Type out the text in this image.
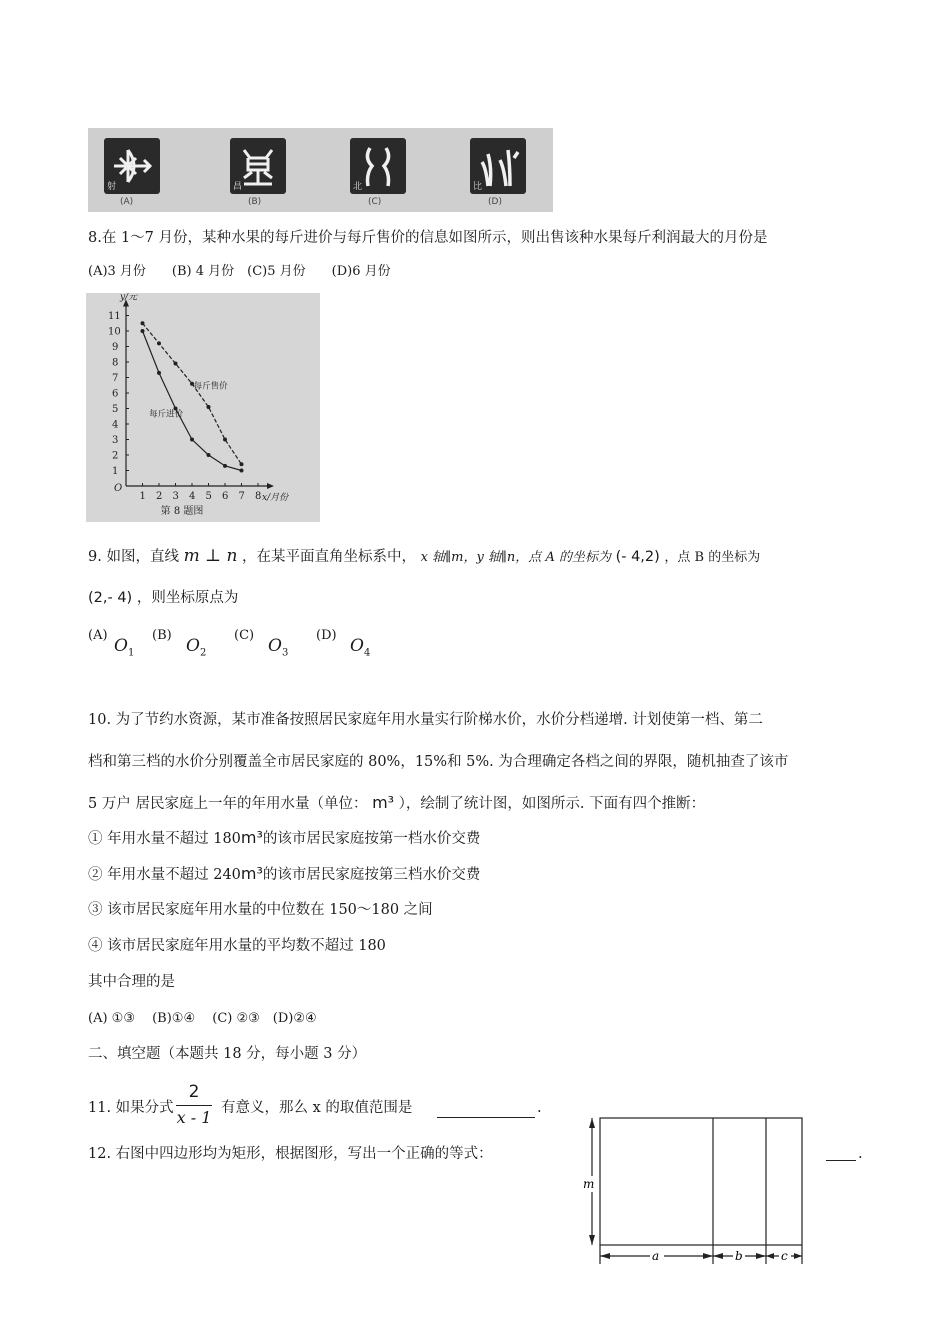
射	昌	北	比
(A)	(B)	(C)	(D)
8.在 1～7 月份，某种水果的每斤进价与每斤售价的信息如图所示，则出售该种水果每斤利润最大的月份是
(A)3 月份　　(B) 4 月份　(C)5 月份　　(D)6 月份
1 2 3 4 5 6 7 8
1
2
3
4
5
6
7
8
9
10
11
O
x/月份
y/元
每斤售价
每斤进价
第 8 题图
9. 如图，直线 m ⊥ n ，在某平面直角坐标系中， x 轴∥m，y 轴∥n，点 A 的坐标为 (- 4,2) ，点 B 的坐标为
(2,- 4) ，则坐标原点为
(A)
$O_1$
(B)
$O_2$
(C)
$O_3$
(D)
$O_4$
10. 为了节约水资源，某市准备按照居民家庭年用水量实行阶梯水价，水价分档递增. 计划使第一档、第二
档和第三档的水价分别覆盖全市居民家庭的 80%，15%和 5%. 为合理确定各档之间的界限，随机抽查了该市
5 万户 居民家庭上一年的年用水量（单位： m³ ），绘制了统计图，如图所示. 下面有四个推断：
① 年用水量不超过 180m³的该市居民家庭按第一档水价交费
② 年用水量不超过 240m³的该市居民家庭按第三档水价交费
③ 该市居民家庭年用水量的中位数在 150～180 之间
④ 该市居民家庭年用水量的平均数不超过 180
其中合理的是
(A) ①③　 (B)①④　 (C) ②③　(D)②④
二、填空题（本题共 18 分，每小题 3 分）
11. 如果分式
2
x - 1 有意义，那么 x 的取值范围是	.
12. 右图中四边形均为矩形，根据图形，写出一个正确的等式：	.
m
a	b	c
